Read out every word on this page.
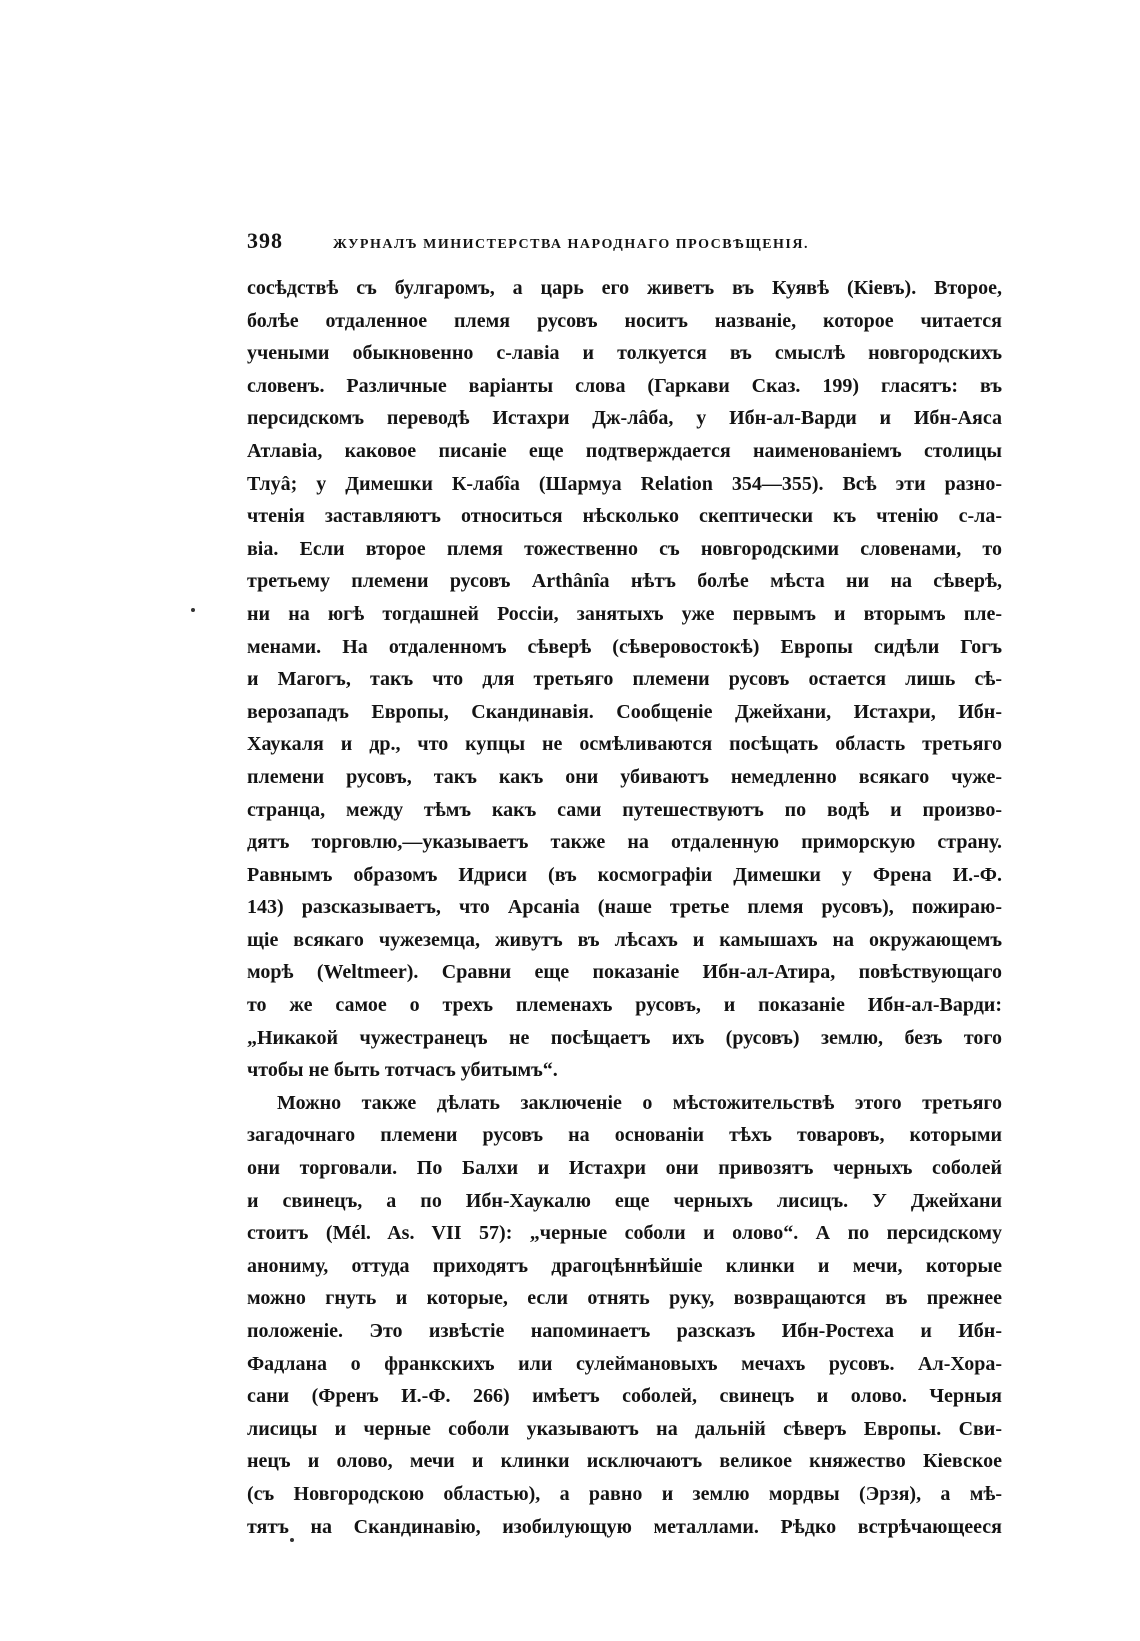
398	ЖУРНАЛЪ МИНИСТЕРСТВА НАРОДНАГО ПРОСВѢЩЕНІЯ.
сосѣдствѣ съ булгаромъ, а царь его живетъ въ Куявѣ (Кіевъ). Второе,
болѣе отдаленное племя русовъ носитъ названіе, которое читается
учеными обыкновенно с-лавіа и толкуется въ смыслѣ новгородскихъ
словенъ. Различные варіанты слова (Гаркави Сказ. 199) гласятъ: въ
персидскомъ переводѣ Истахри Дж-лâба, у Ибн-ал-Варди и Ибн-Аяса
Атлавіа, каковое писаніе еще подтверждается наименованіемъ столицы
Тлуâ; у Димешки К-лабîа (Шармуа Relation 354—355). Всѣ эти разно-
чтенія заставляютъ относиться нѣсколько скептически къ чтенію с-ла-
віа. Если второе племя тожественно съ новгородскими словенами, то
третьему племени русовъ Arthânîa нѣтъ болѣе мѣста ни на сѣверѣ,
ни на югѣ тогдашней Россіи, занятыхъ уже первымъ и вторымъ пле-
менами. На отдаленномъ сѣверѣ (сѣверовостокѣ) Европы сидѣли Гогъ
и Магогъ, такъ что для третьяго племени русовъ остается лишь сѣ-
верозападъ Европы, Скандинавія. Сообщеніе Джейхани, Истахри, Ибн-
Хаукаля и др., что купцы не осмѣливаются посѣщать область третьяго
племени русовъ, такъ какъ они убиваютъ немедленно всякаго чуже-
странца, между тѣмъ какъ сами путешествуютъ по водѣ и произво-
дятъ торговлю,—указываетъ также на отдаленную приморскую страну.
Равнымъ образомъ Идриси (въ космографіи Димешки у Френа И.-Ф.
143) разсказываетъ, что Арсаніа (наше третье племя русовъ), пожираю-
щіе всякаго чужеземца, живутъ въ лѣсахъ и камышахъ на окружающемъ
морѣ (Weltmeer). Сравни еще показаніе Ибн-ал-Атира, повѣствующаго
то же самое о трехъ племенахъ русовъ, и показаніе Ибн-ал-Варди:
„Никакой чужестранецъ не посѣщаетъ ихъ (русовъ) землю, безъ того
чтобы не быть тотчасъ убитымъ“.
Можно также дѣлать заключеніе о мѣстожительствѣ этого третьяго
загадочнаго племени русовъ на основаніи тѣхъ товаровъ, которыми
они торговали. По Балхи и Истахри они привозятъ черныхъ соболей
и свинецъ, а по Ибн-Хаукалю еще черныхъ лисицъ. У Джейхани
стоитъ (Mél. As. VII 57): „черные соболи и олово“. А по персидскому
анониму, оттуда приходятъ драгоцѣннѣйшіе клинки и мечи, которые
можно гнуть и которые, если отнять руку, возвращаются въ прежнее
положеніе. Это извѣстіе напоминаетъ разсказъ Ибн-Ростеха и Ибн-
Фадлана о франкскихъ или сулеймановыхъ мечахъ русовъ. Ал-Хора-
сани (Френъ И.-Ф. 266) имѣетъ соболей, свинецъ и олово. Черныя
лисицы и черные соболи указываютъ на дальній сѣверъ Европы. Сви-
нецъ и олово, мечи и клинки исключаютъ великое княжество Кіевское
(съ Новгородскою областью), а равно и землю мордвы (Эрзя), а мѣ-
тятъ на Скандинавію, изобилующую металлами. Рѣдко встрѣчающееся
